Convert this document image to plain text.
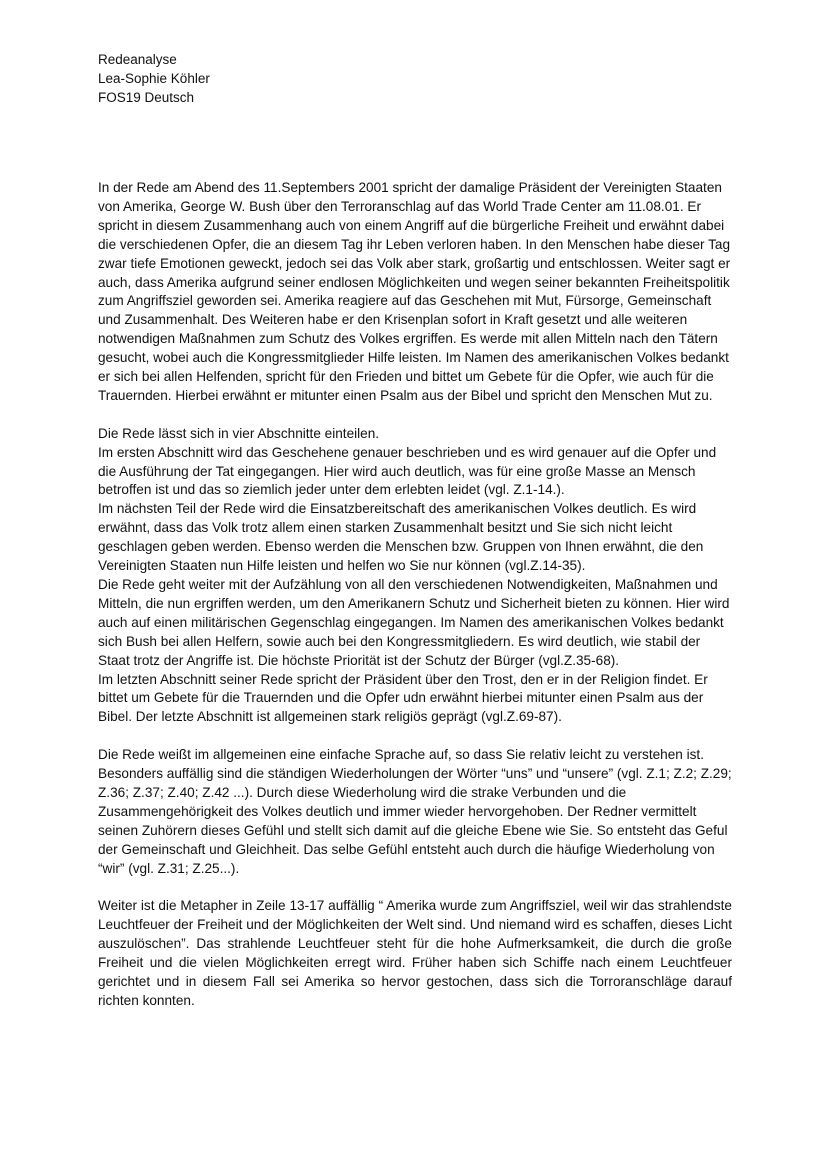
Redeanalyse
Lea-Sophie Köhler
FOS19 Deutsch

In der Rede am Abend des 11.Septembers 2001 spricht der damalige Präsident der Vereinigten Staaten von Amerika, George W. Bush über den Terroranschlag auf das World Trade Center am 11.08.01. Er spricht in diesem Zusammenhang auch von einem Angriff auf die bürgerliche Freiheit und erwähnt dabei die verschiedenen Opfer, die an diesem Tag ihr Leben verloren haben. In den Menschen habe dieser Tag zwar tiefe Emotionen geweckt, jedoch sei das Volk aber stark, großartig und entschlossen. Weiter sagt er auch, dass Amerika aufgrund seiner endlosen Möglichkeiten und wegen seiner bekannten Freiheitspolitik zum Angriffsziel geworden sei. Amerika reagiere auf das Geschehen mit Mut, Fürsorge, Gemeinschaft und Zusammenhalt. Des Weiteren habe er den Krisenplan sofort in Kraft gesetzt und alle weiteren notwendigen Maßnahmen zum Schutz des Volkes ergriffen. Es werde mit allen Mitteln nach den Tätern gesucht, wobei auch die Kongressmitglieder Hilfe leisten. Im Namen des amerikanischen Volkes bedankt er sich bei allen Helfenden, spricht für den Frieden und bittet um Gebete für die Opfer, wie auch für die Trauernden. Hierbei erwähnt er mitunter einen Psalm aus der Bibel und spricht den Menschen Mut zu.

Die Rede lässt sich in vier Abschnitte einteilen.
Im ersten Abschnitt wird das Geschehene genauer beschrieben und es wird genauer auf die Opfer und die Ausführung der Tat eingegangen. Hier wird auch deutlich, was für eine große Masse an Mensch betroffen ist und das so ziemlich jeder unter dem erlebten leidet (vgl. Z.1-14.).
Im nächsten Teil der Rede wird die Einsatzbereitschaft des amerikanischen Volkes deutlich. Es wird erwähnt, dass das Volk trotz allem einen starken Zusammenhalt besitzt und Sie sich nicht leicht geschlagen geben werden. Ebenso werden die Menschen bzw. Gruppen von Ihnen erwähnt, die den Vereinigten Staaten nun Hilfe leisten und helfen wo Sie nur können (vgl.Z.14-35).
Die Rede geht weiter mit der Aufzählung von all den verschiedenen Notwendigkeiten, Maßnahmen und Mitteln, die nun ergriffen werden, um den Amerikanern Schutz und Sicherheit bieten zu können. Hier wird auch auf einen militärischen Gegenschlag eingegangen. Im Namen des amerikanischen Volkes bedankt sich Bush bei allen Helfern, sowie auch bei den Kongressmitgliedern. Es wird deutlich, wie stabil der Staat trotz der Angriffe ist. Die höchste Priorität ist der Schutz der Bürger (vgl.Z.35-68).
Im letzten Abschnitt seiner Rede spricht der Präsident über den Trost, den er in der Religion findet. Er bittet um Gebete für die Trauernden und die Opfer udn erwähnt hierbei mitunter einen Psalm aus der Bibel. Der letzte Abschnitt ist allgemeinen stark religiös geprägt (vgl.Z.69-87).

Die Rede weißt im allgemeinen eine einfache Sprache auf, so dass Sie relativ leicht zu verstehen ist. Besonders auffällig sind die ständigen Wiederholungen der Wörter “uns” und “unsere” (vgl. Z.1; Z.2; Z.29; Z.36; Z.37; Z.40; Z.42 ...). Durch diese Wiederholung wird die strake Verbunden und die Zusammengehörigkeit des Volkes deutlich und immer wieder hervorgehoben. Der Redner vermittelt seinen Zuhörern dieses Gefühl und stellt sich damit auf die gleiche Ebene wie Sie. So entsteht das Geful der Gemeinschaft und Gleichheit. Das selbe Gefühl entsteht auch durch die häufige Wiederholung von “wir” (vgl. Z.31; Z.25...).

Weiter ist die Metapher in Zeile 13-17 auffällig “ Amerika wurde zum Angriffsziel, weil wir das strahlendste Leuchtfeuer der Freiheit und der Möglichkeiten der Welt sind. Und niemand wird es schaffen, dieses Licht auszulöschen”. Das strahlende Leuchtfeuer steht für die hohe Aufmerksamkeit, die durch die große Freiheit und die vielen Möglichkeiten erregt wird. Früher haben sich Schiffe nach einem Leuchtfeuer gerichtet und in diesem Fall sei Amerika so hervor gestochen, dass sich die Torroranschläge darauf richten konnten.
